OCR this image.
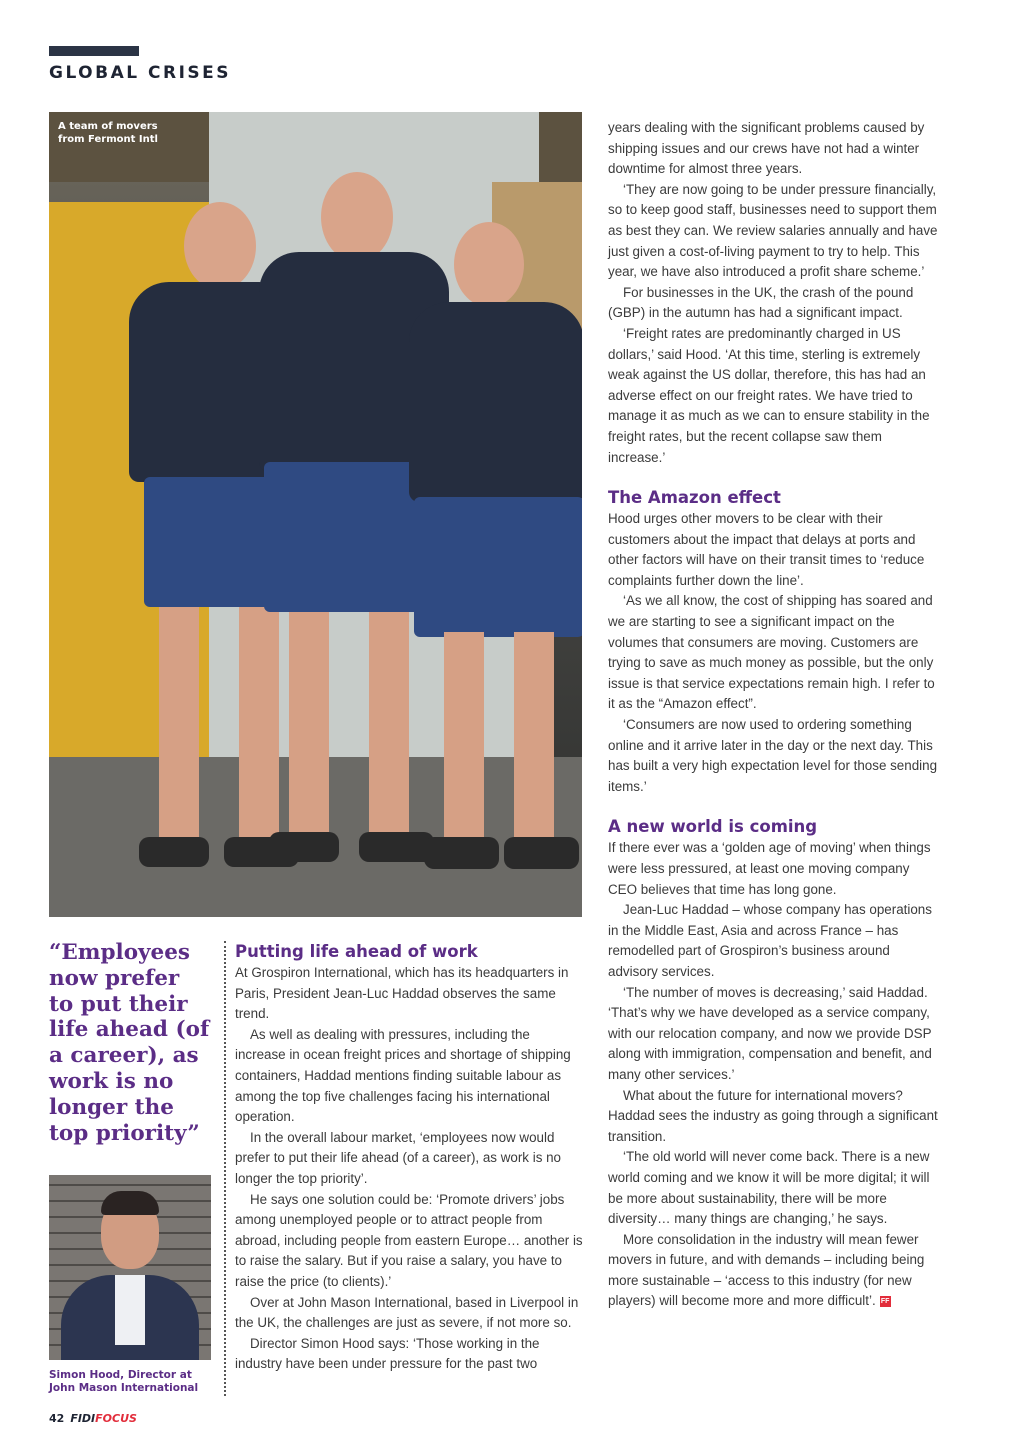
GLOBAL CRISES
A team of movers from Fermont Intl
“Employees now prefer to put their life ahead (of a career), as work is no longer the top priority”
Simon Hood, Director at John Mason International
Putting life ahead of work

At Grospiron International, which has its headquarters in Paris, President Jean-Luc Haddad observes the same trend.

As well as dealing with pressures, including the increase in ocean freight prices and shortage of shipping containers, Haddad mentions finding suitable labour as among the top five challenges facing his international operation.

In the overall labour market, ‘employees now would prefer to put their life ahead (of a career), as work is no longer the top priority’.

He says one solution could be: ‘Promote drivers’ jobs among unemployed people or to attract people from abroad, including people from eastern Europe… another is to raise the salary. But if you raise a salary, you have to raise the price (to clients).’

Over at John Mason International, based in Liverpool in the UK, the challenges are just as severe, if not more so.

Director Simon Hood says: ‘Those working in the industry have been under pressure for the past two

years dealing with the significant problems caused by shipping issues and our crews have not had a winter downtime for almost three years.

‘They are now going to be under pressure financially, so to keep good staff, businesses need to support them as best they can. We review salaries annually and have just given a cost-of-living payment to try to help. This year, we have also introduced a profit share scheme.’

For businesses in the UK, the crash of the pound (GBP) in the autumn has had a significant impact.

‘Freight rates are predominantly charged in US dollars,’ said Hood. ‘At this time, sterling is extremely weak against the US dollar, therefore, this has had an adverse effect on our freight rates. We have tried to manage it as much as we can to ensure stability in the freight rates, but the recent collapse saw them increase.’

The Amazon effect

Hood urges other movers to be clear with their customers about the impact that delays at ports and other factors will have on their transit times to ‘reduce complaints further down the line’.

‘As we all know, the cost of shipping has soared and we are starting to see a significant impact on the volumes that consumers are moving. Customers are trying to save as much money as possible, but the only issue is that service expectations remain high. I refer to it as the “Amazon effect”.

‘Consumers are now used to ordering something online and it arrive later in the day or the next day. This has built a very high expectation level for those sending items.’

A new world is coming

If there ever was a ‘golden age of moving’ when things were less pressured, at least one moving company CEO believes that time has long gone.

Jean-Luc Haddad – whose company has operations in the Middle East, Asia and across France – has remodelled part of Grospiron’s business around advisory services.

‘The number of moves is decreasing,’ said Haddad. ‘That’s why we have developed as a service company, with our relocation company, and now we provide DSP along with immigration, compensation and benefit, and many other services.’

What about the future for international movers? Haddad sees the industry as going through a significant transition.

‘The old world will never come back. There is a new world coming and we know it will be more digital; it will be more about sustainability, there will be more diversity… many things are changing,’ he says.

More consolidation in the industry will mean fewer movers in future, and with demands – including being more sustainable – ‘access to this industry (for new players) will become more and more difficult’. FF

42 FIDIFOCUS
